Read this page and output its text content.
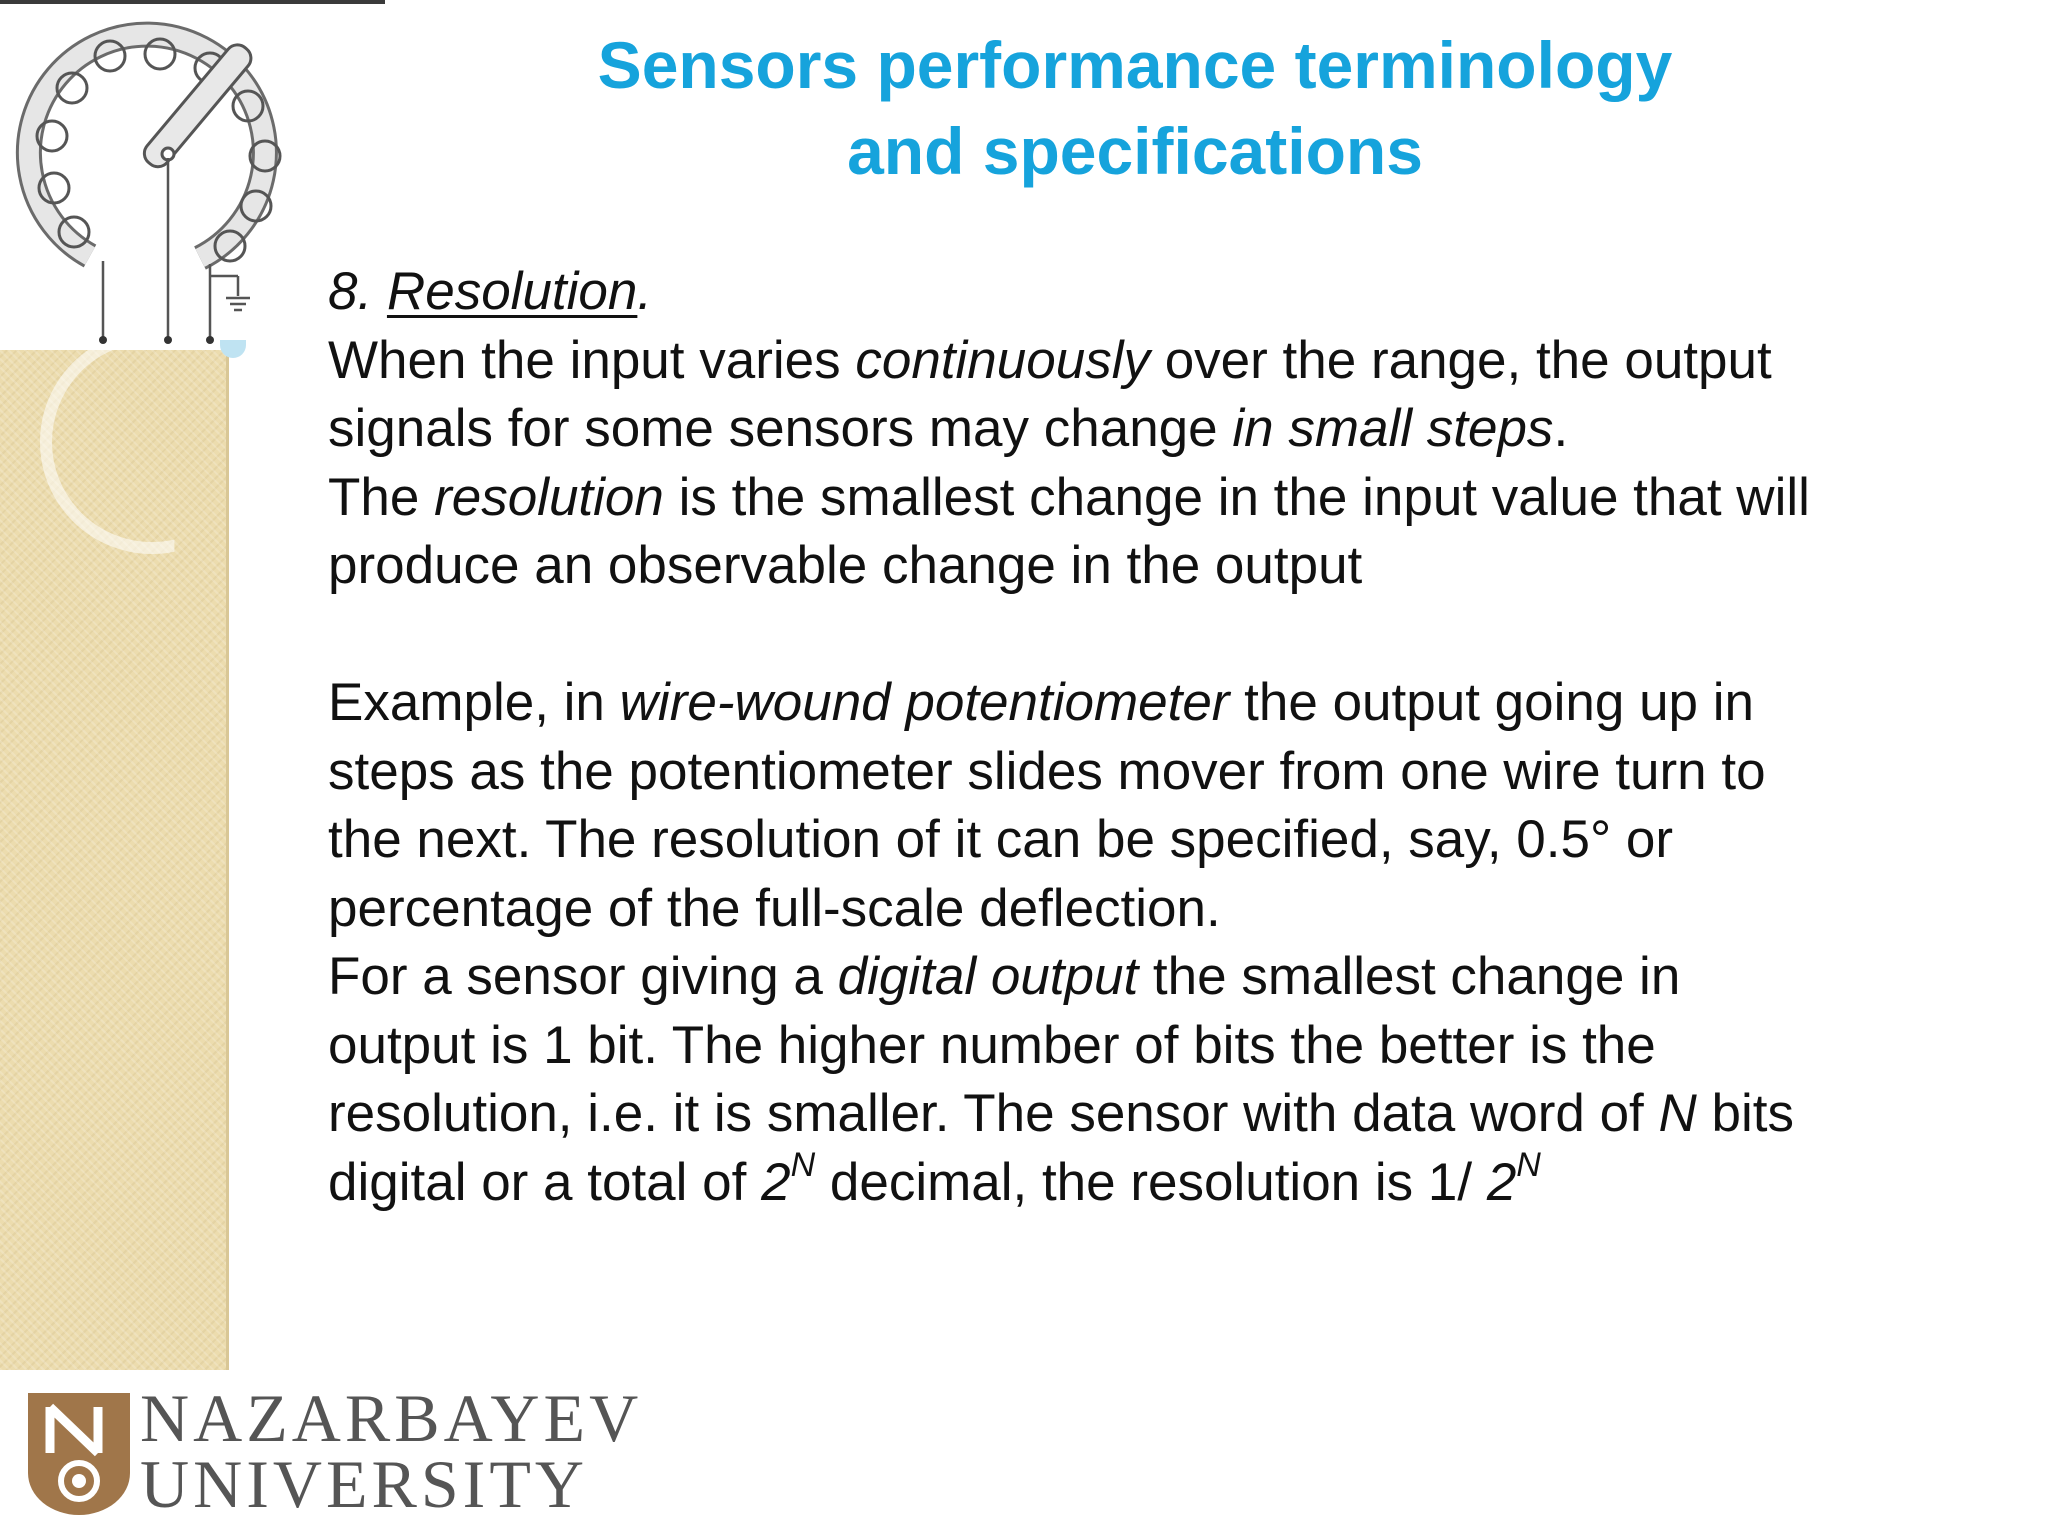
Sensors performance terminology
and specifications
8. Resolution.
When the input varies continuously over the range, the output
signals for some sensors may change in small steps.
The resolution is the smallest change in the input value that will
produce an observable change in the output
Example, in wire-wound potentiometer the output going up in
steps as the potentiometer slides mover from one wire turn to
the next. The resolution of it can be specified, say, 0.5° or
percentage of the full-scale deflection.
For a sensor giving a digital output the smallest change in
output is 1 bit. The higher number of bits the better is the
resolution, i.e. it is smaller. The sensor with data word of N bits
digital or a total of $2^N$ decimal, the resolution is 1/ $2^N$
NAZARBAYEV
UNIVERSITY
